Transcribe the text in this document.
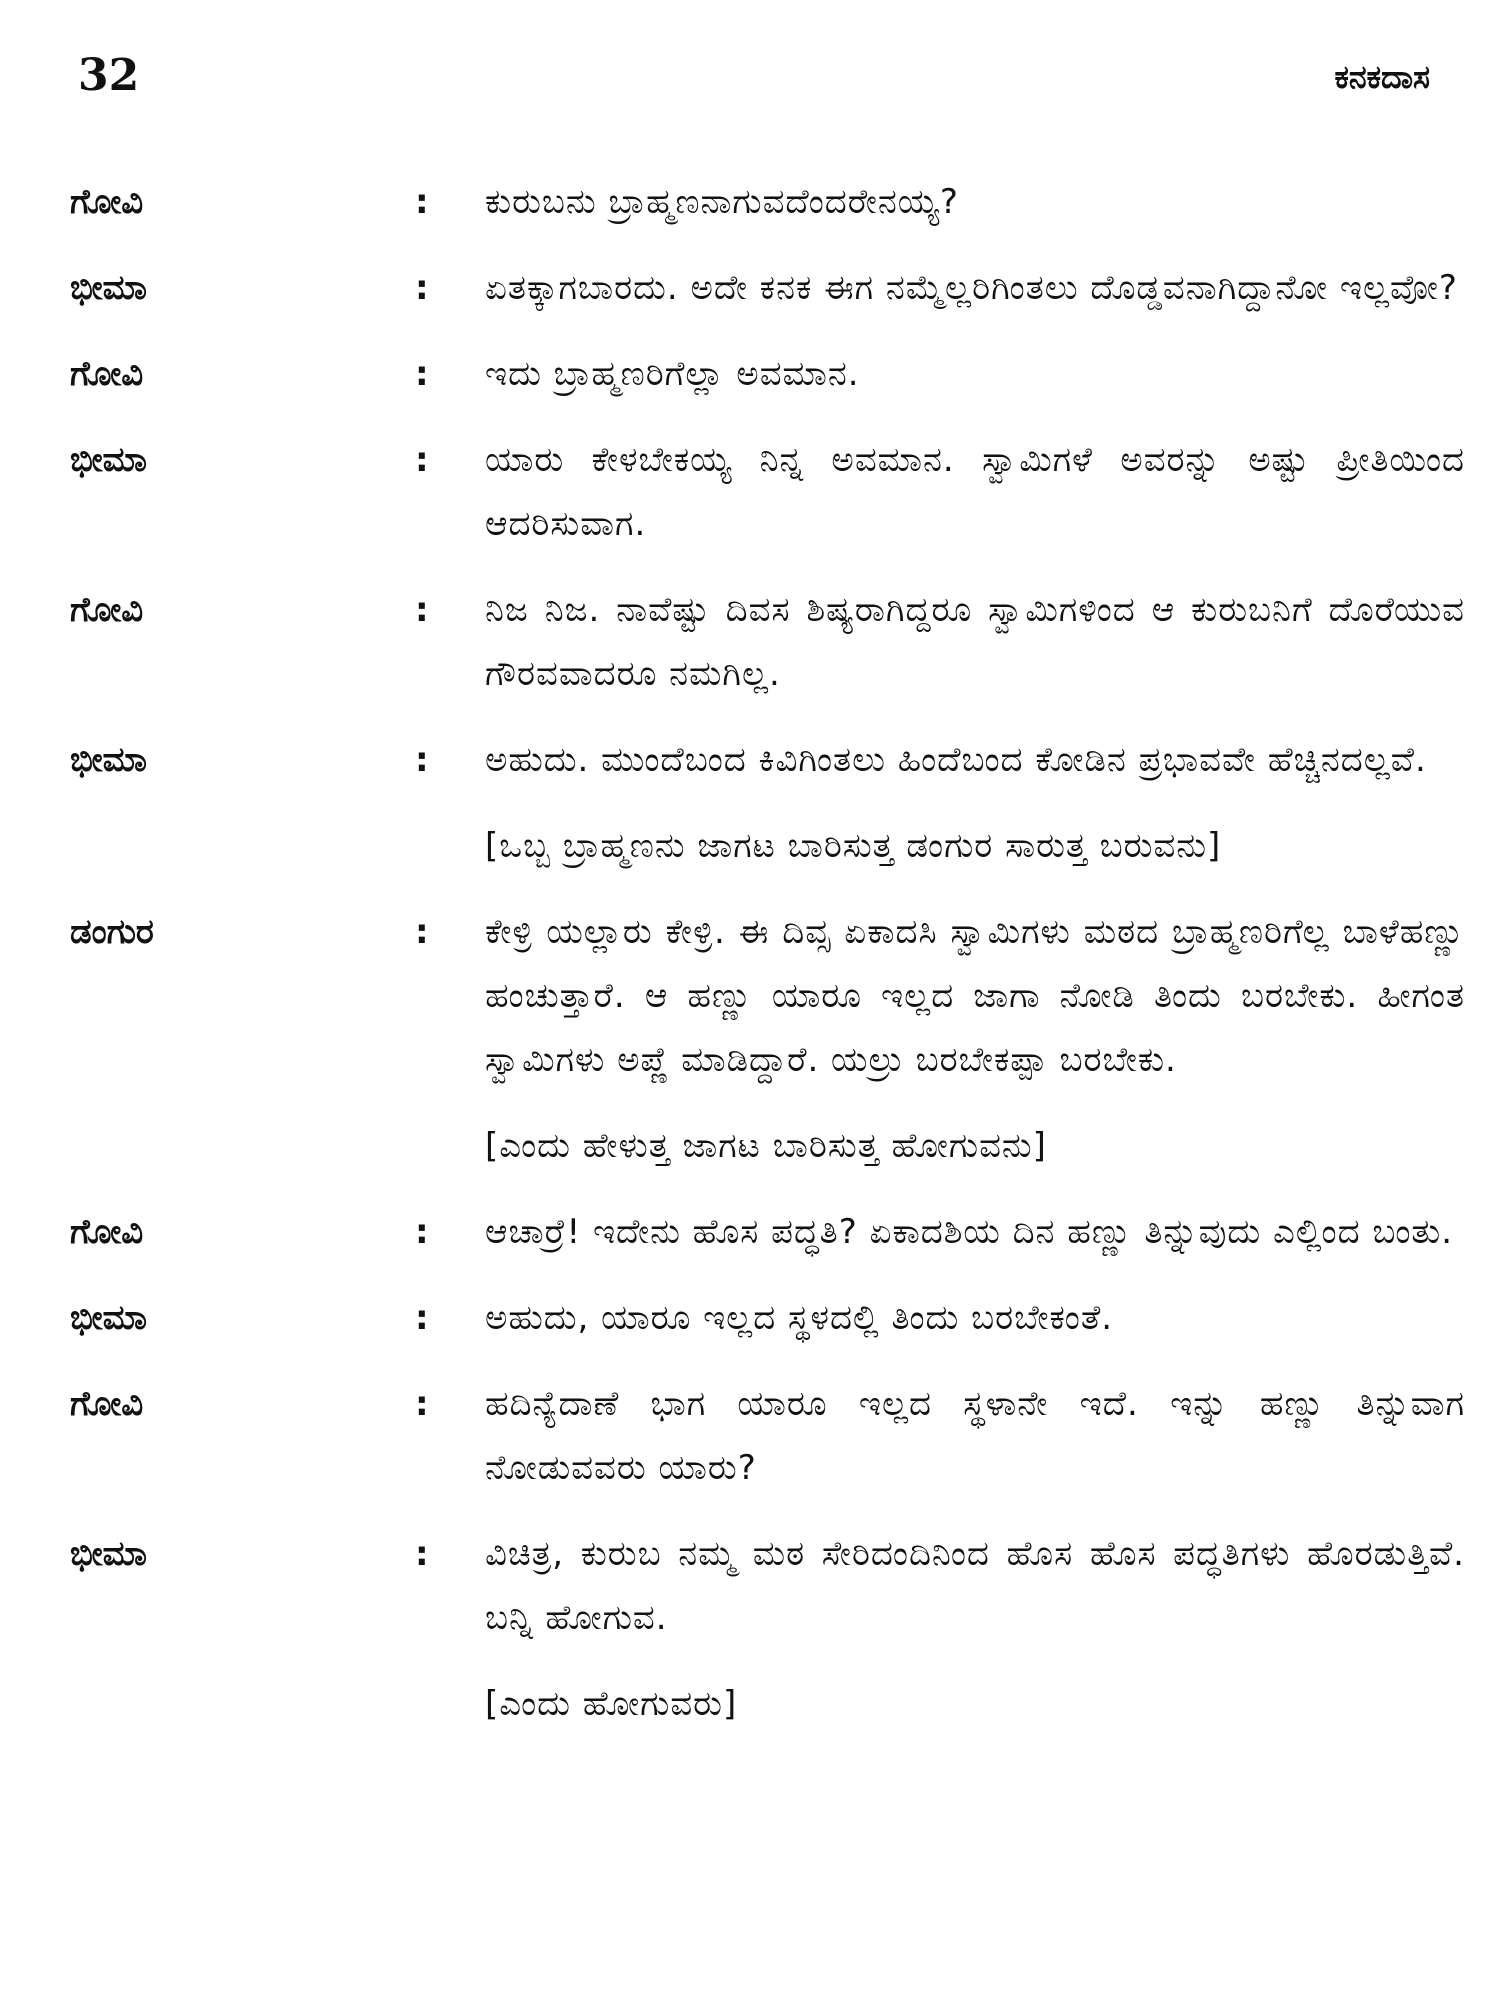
32	ಕನಕದಾಸ
ಗೋವಿ	:	ಕುರುಬನು ಬ್ರಾಹ್ಮಣನಾಗುವದೆಂದರೇನಯ್ಯ?
ಭೀಮಾ	:	ಏತಕ್ಕಾಗಬಾರದು. ಅದೇ ಕನಕ ಈಗ ನಮ್ಮೆಲ್ಲರಿಗಿಂತಲು ದೊಡ್ಡವನಾಗಿದ್ದಾನೋ ಇಲ್ಲವೋ?
ಗೋವಿ	:	ಇದು ಬ್ರಾಹ್ಮಣರಿಗೆಲ್ಲಾ ಅವಮಾನ.
ಭೀಮಾ	:	ಯಾರು ಕೇಳಬೇಕಯ್ಯ ನಿನ್ನ ಅವಮಾನ. ಸ್ವಾಮಿಗಳೆ ಅವರನ್ನು ಅಷ್ಟು ಪ್ರೀತಿಯಿಂದ ಆದರಿಸುವಾಗ.
ಗೋವಿ	:	ನಿಜ ನಿಜ. ನಾವೆಷ್ಟು ದಿವಸ ಶಿಷ್ಯರಾಗಿದ್ದರೂ ಸ್ವಾಮಿಗಳಿಂದ ಆ ಕುರುಬನಿಗೆ ದೊರೆಯುವ ಗೌರವವಾದರೂ ನಮಗಿಲ್ಲ.
ಭೀಮಾ	:	ಅಹುದು. ಮುಂದೆಬಂದ ಕಿವಿಗಿಂತಲು ಹಿಂದೆಬಂದ ಕೋಡಿನ ಪ್ರಭಾವವೇ ಹೆಚ್ಚಿನದಲ್ಲವೆ.
[ಒಬ್ಬ ಬ್ರಾಹ್ಮಣನು ಜಾಗಟ ಬಾರಿಸುತ್ತ ಡಂಗುರ ಸಾರುತ್ತ ಬರುವನು]
ಡಂಗುರ	:	ಕೇಳ್ರಿ ಯಲ್ಲಾರು ಕೇಳ್ರಿ. ಈ ದಿವ್ಸ ಏಕಾದಸಿ ಸ್ವಾಮಿಗಳು ಮಠದ ಬ್ರಾಹ್ಮಣರಿಗೆಲ್ಲ ಬಾಳೆಹಣ್ಣು ಹಂಚುತ್ತಾರೆ. ಆ ಹಣ್ಣು ಯಾರೂ ಇಲ್ಲದ ಜಾಗಾ ನೋಡಿ ತಿಂದು ಬರಬೇಕು. ಹೀಗಂತ ಸ್ವಾಮಿಗಳು ಅಪ್ಣೆ ಮಾಡಿದ್ದಾರೆ. ಯಲ್ರು ಬರಬೇಕಪ್ಪಾ ಬರಬೇಕು.
[ಎಂದು ಹೇಳುತ್ತ ಜಾಗಟ ಬಾರಿಸುತ್ತ ಹೋಗುವನು]
ಗೋವಿ	:	ಆಚಾರ್ರೆ! ಇದೇನು ಹೊಸ ಪದ್ಧತಿ? ಏಕಾದಶಿಯ ದಿನ ಹಣ್ಣು ತಿನ್ನುವುದು ಎಲ್ಲಿಂದ ಬಂತು.
ಭೀಮಾ	:	ಅಹುದು, ಯಾರೂ ಇಲ್ಲದ ಸ್ಥಳದಲ್ಲಿ ತಿಂದು ಬರಬೇಕಂತೆ.
ಗೋವಿ	:	ಹದಿನ್ಯೆದಾಣೆ ಭಾಗ ಯಾರೂ ಇಲ್ಲದ ಸ್ಥಳಾನೇ ಇದೆ. ಇನ್ನು ಹಣ್ಣು ತಿನ್ನುವಾಗ ನೋಡುವವರು ಯಾರು?
ಭೀಮಾ	:	ವಿಚಿತ್ರ, ಕುರುಬ ನಮ್ಮ ಮಠ ಸೇರಿದಂದಿನಿಂದ ಹೊಸ ಹೊಸ ಪದ್ಧತಿಗಳು ಹೊರಡುತ್ತಿವೆ. ಬನ್ನಿ ಹೋಗುವ.
[ಎಂದು ಹೋಗುವರು]
